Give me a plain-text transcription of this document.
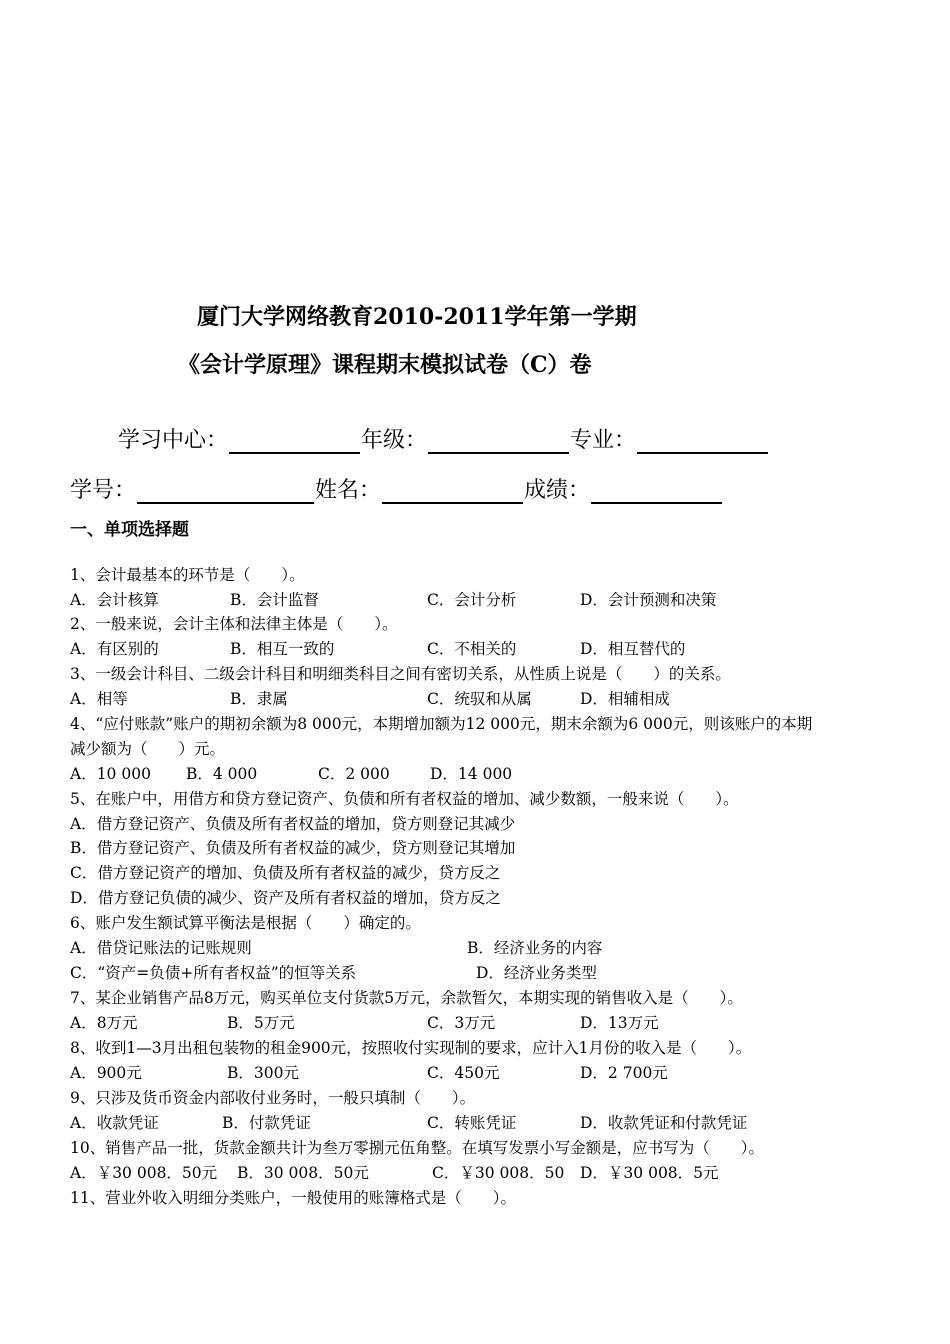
厦门大学网络教育2010-2011学年第一学期
《会计学原理》课程期末模拟试卷（C）卷
学习中心：	年级：	专业：
学号：	姓名：	成绩：
一、单项选择题
1、会计最基本的环节是（　　）。
A．会计核算	B．会计监督	C．会计分析	D．会计预测和决策
2、一般来说，会计主体和法律主体是（　　）。
A．有区别的	B．相互一致的	C．不相关的	D．相互替代的
3、一级会计科目、二级会计科目和明细类科目之间有密切关系，从性质上说是（　　）的关系。
A．相等	B．隶属	C．统驭和从属	D．相辅相成
4、“应付账款”账户的期初余额为8 000元，本期增加额为12 000元，期末余额为6 000元，则该账户的本期
减少额为（　　）元。
A．10 000 B．4 000	C．2 000	D．14 000
5、在账户中，用借方和贷方登记资产、负债和所有者权益的增加、减少数额，一般来说（　　）。
A．借方登记资产、负债及所有者权益的增加，贷方则登记其减少
B．借方登记资产、负债及所有者权益的减少，贷方则登记其增加
C．借方登记资产的增加、负债及所有者权益的减少，贷方反之
D．借方登记负债的减少、资产及所有者权益的增加，贷方反之
6、账户发生额试算平衡法是根据（　　）确定的。
A．借贷记账法的记账规则	B．经济业务的内容
C．“资产=负债+所有者权益”的恒等关系	D．经济业务类型
7、某企业销售产品8万元，购买单位支付货款5万元，余款暂欠，本期实现的销售收入是（　　）。
A．8万元	B．5万元	C．3万元	D．13万元
8、收到1—3月出租包装物的租金900元，按照收付实现制的要求，应计入1月份的收入是（　　）。
A．900元	B．300元	C．450元	D．2 700元
9、只涉及货币资金内部收付业务时，一般只填制（　　）。
A．收款凭证	B．付款凭证	C．转账凭证	D．收款凭证和付款凭证
10、销售产品一批，货款金额共计为叁万零捌元伍角整。在填写发票小写金额是，应书写为（　　）。
A．￥30 008．50元 B．30 008．50元	C．￥30 008．50 D．￥30 008．5元
11、营业外收入明细分类账户，一般使用的账簿格式是（　　）。
